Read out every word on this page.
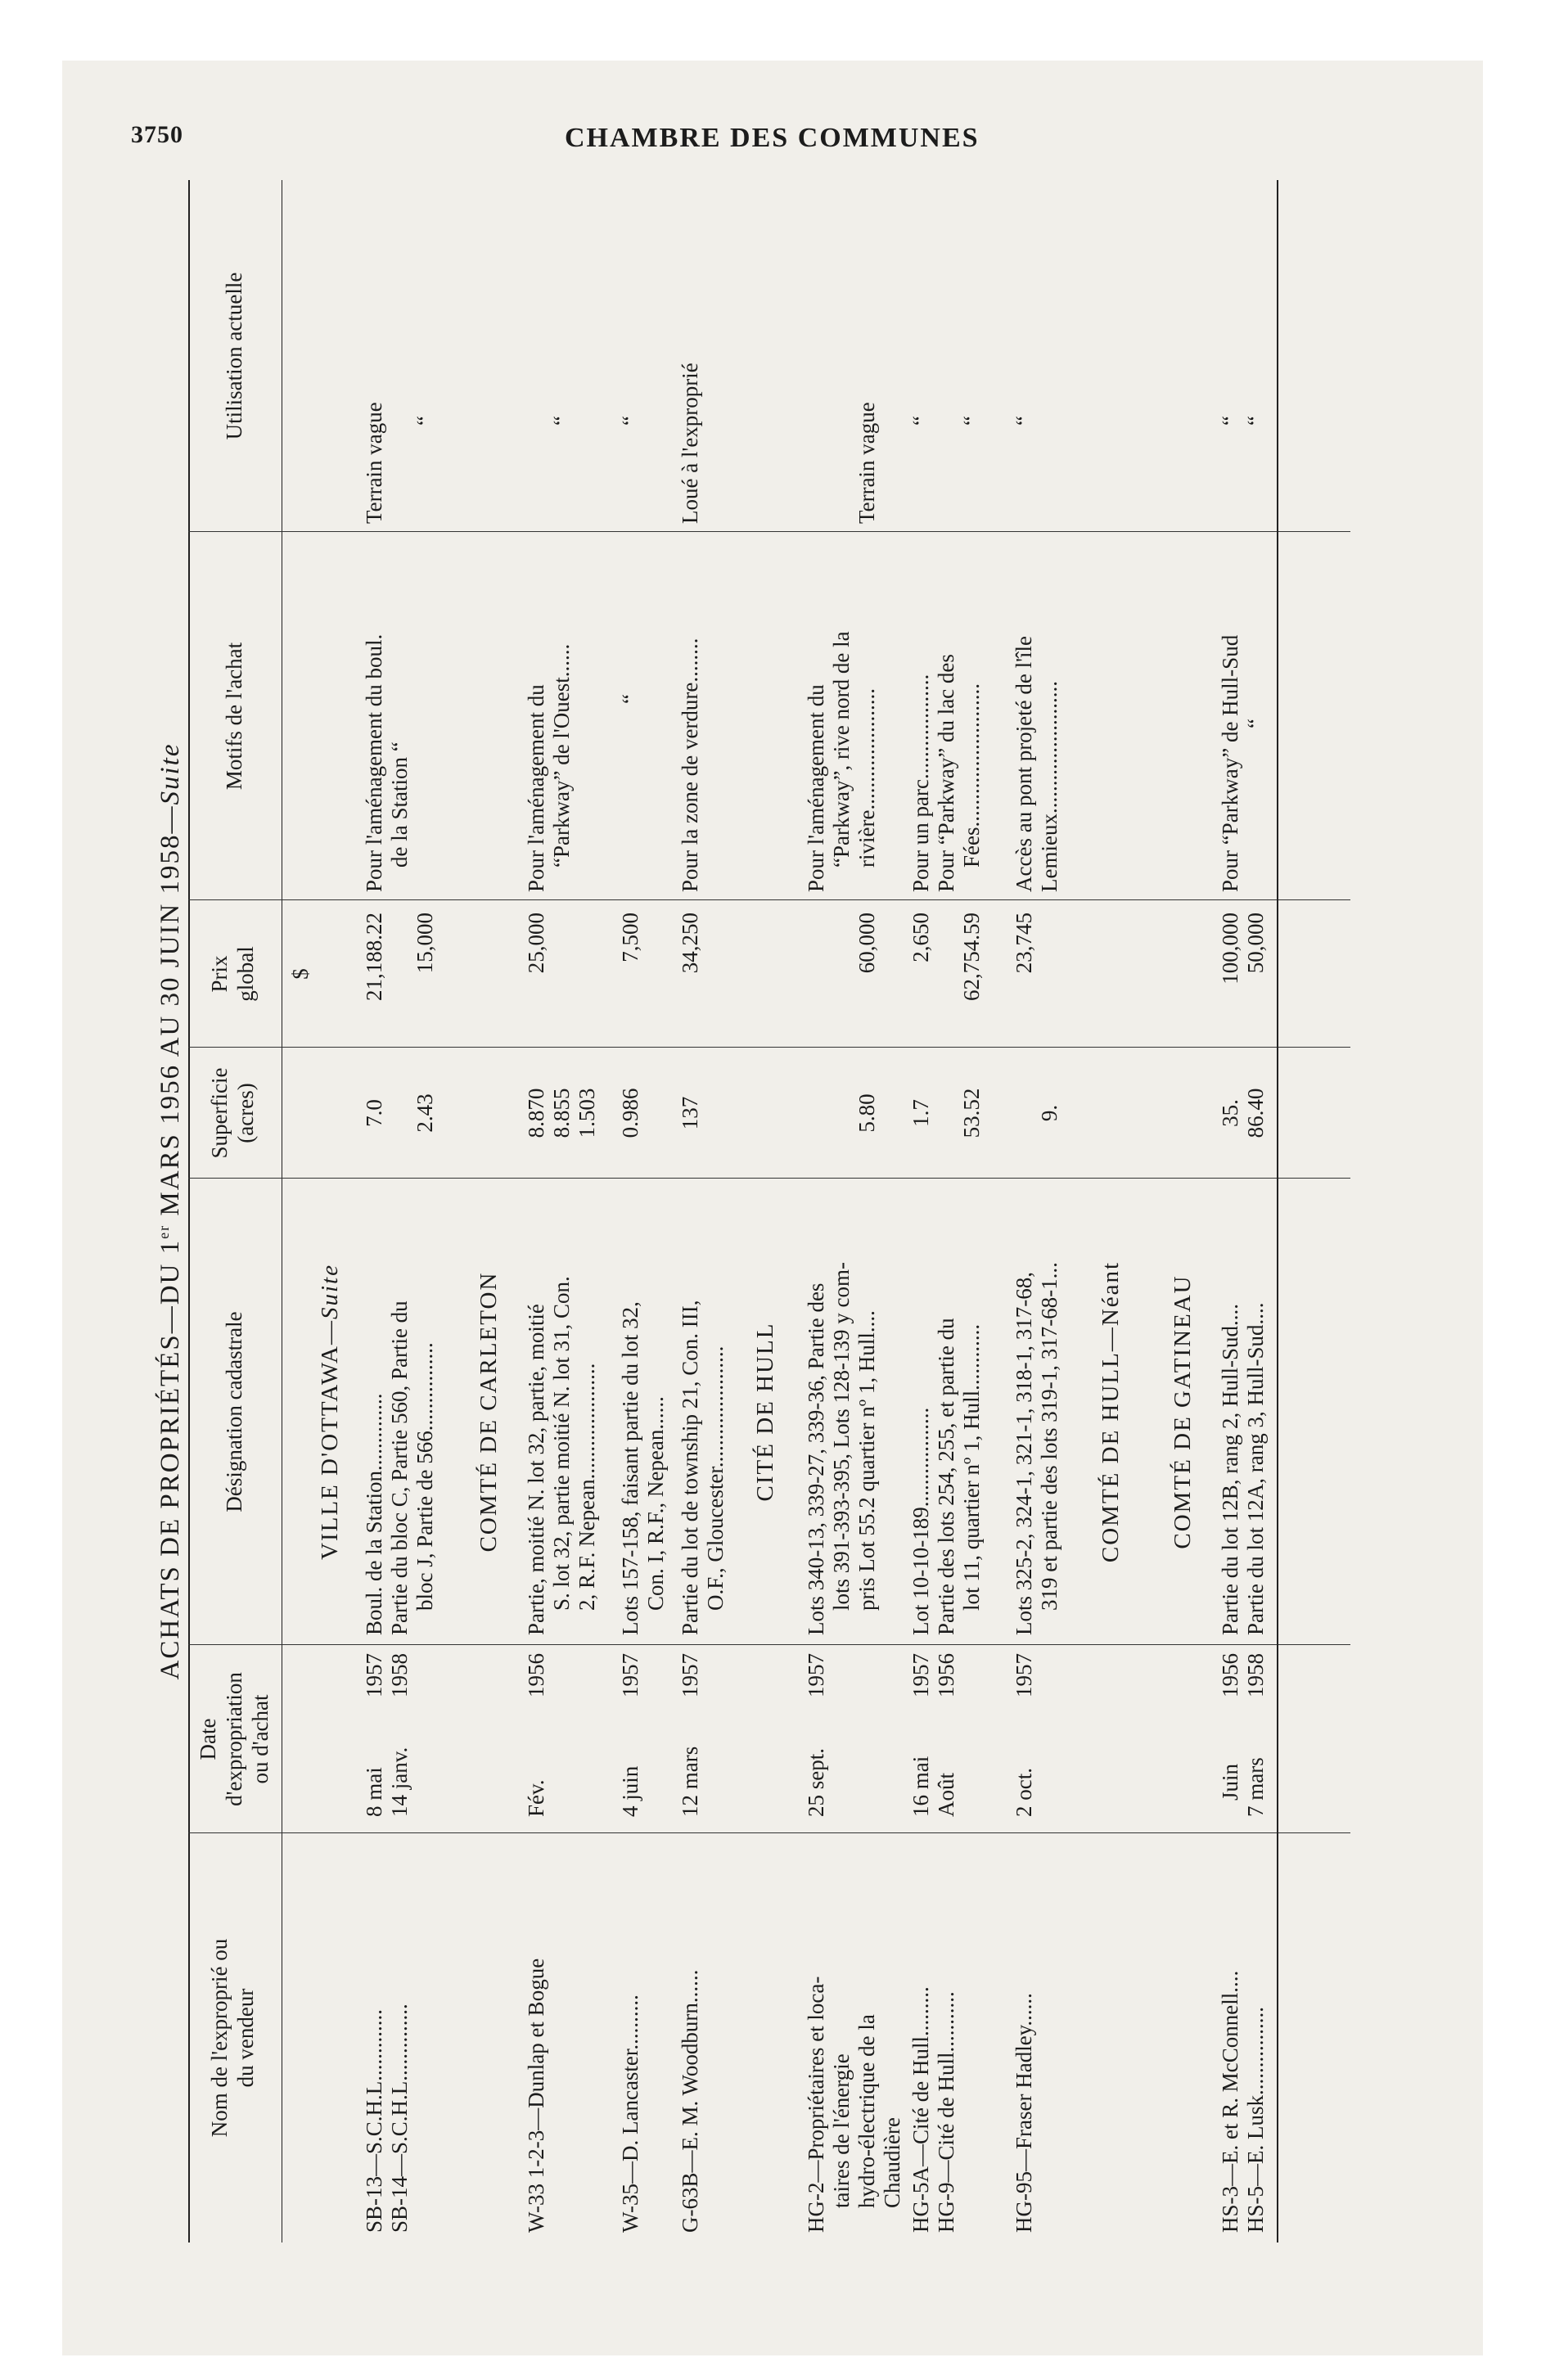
3750	CHAMBRE DES COMMUNES
ACHATS DE PROPRIÉTÉS—DU 1er MARS 1956 AU 30 JUIN 1958—Suite
Nom de l'exproprié ou du vendeur
Date d'expropriation ou d'achat
Désignation cadastrale
Superficie (acres)
Prix global
Motifs de l'achat
Utilisation actuelle
$
VILLE D'OTTAWA—Suite
SB-13—S.C.H.L............. SB-14—S.C.H.L..............
8 mai 14 janv.
1957 1958
Boul. de la Station.............. Partie du bloc C, Partie 560, Partie du bloc J, Partie de 566................
7.0 2.43
21,188.22 15,000
Pour l'aménagement du boul. de la Station “
Terrain vague “
COMTÉ DE CARLETON
W-33 1-2-3—Dunlap et Bogue
Fév.
1956
Partie, moitié N. lot 32, partie, moitié S. lot 32, partie moitié N. lot 31, Con. 2, R.F. Nepean.....................
8.870 8.855 1.503
25,000
Pour l'aménagement du “Parkway” de l'Ouest......
“
W-35—D. Lancaster..........
4 juin
1957
Lots 157-158, faisant partie du lot 32, Con. I, R.F., Nepean......
0.986
7,500
“
“
G-63B—E. M. Woodburn......
12 mars
1957
Partie du lot de township 21, Con. III, O.F., Gloucester......................
137
34,250
Pour la zone de verdure........
Loué à l'exproprié
CITÉ DE HULL
HG-2—Propriétaires et loca- taires de l'énergie hydro-électrique de la Chaudière
25 sept.
1957
Lots 340-13, 339-27, 339-36, Partie des lots 391-393-395, Lots 128-139 y com- pris Lot 55.2 quartier nº 1, Hull....
5.80
60,000
Pour l'aménagement du “Parkway”, rive nord de la rivière......................
Terrain vague
HG-5A—Cité de Hull......... HG-9—Cité de Hull...........
16 mai Août
1957 1956
Lot 10-10-189.................. Partie des lots 254, 255, et partie du lot 11, quartier nº 1, Hull............
1.7 53.52
2,650 62,754.59
Pour un parc................... Pour “Parkway” du lac des Fées..........................
“ “
HG-95—Fraser Hadley......
2 oct.
1957
Lots 325-2, 324-1, 321-1, 318-1, 317-68, 319 et partie des lots 319-1, 317-68-1...
9.
23,745
Accès au pont projeté de l'île Lemieux........................
“
COMTÉ DE HULL—Néant COMTÉ DE GATINEAU
HS-3—E. et R. McConnell.... HS-5—E. Lusk................
Juin 7 mars
1956 1958
Partie du lot 12B, rang 2, Hull-Sud.... Partie du lot 12A, rang 3, Hull-Sud....
35. 86.40
100,000 50,000
Pour “Parkway” de Hull-Sud “
“ “
